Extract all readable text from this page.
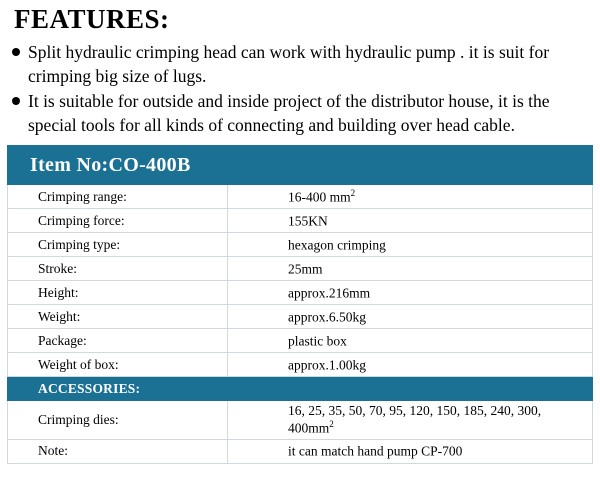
FEATURES:
Split hydraulic crimping head can work with hydraulic pump . it is suit for crimping big size of lugs.
It is suitable for outside and inside project of the distributor house, it is the special tools for all kinds of connecting and building over head cable.
Item No:CO-400B	
Crimping range:	16-400 $mm^2$
Crimping force:	155KN
Crimping type:	hexagon crimping
Stroke:	25mm
Height:	approx.216mm
Weight:	approx.6.50kg
Package:	plastic box
Weight of box:	approx.1.00kg
ACCESSORIES:	
Crimping dies:	16, 25, 35, 50, 70, 95, 120, 150, 185, 240, 300, $400mm^2$
Note:	it can match hand pump CP-700
